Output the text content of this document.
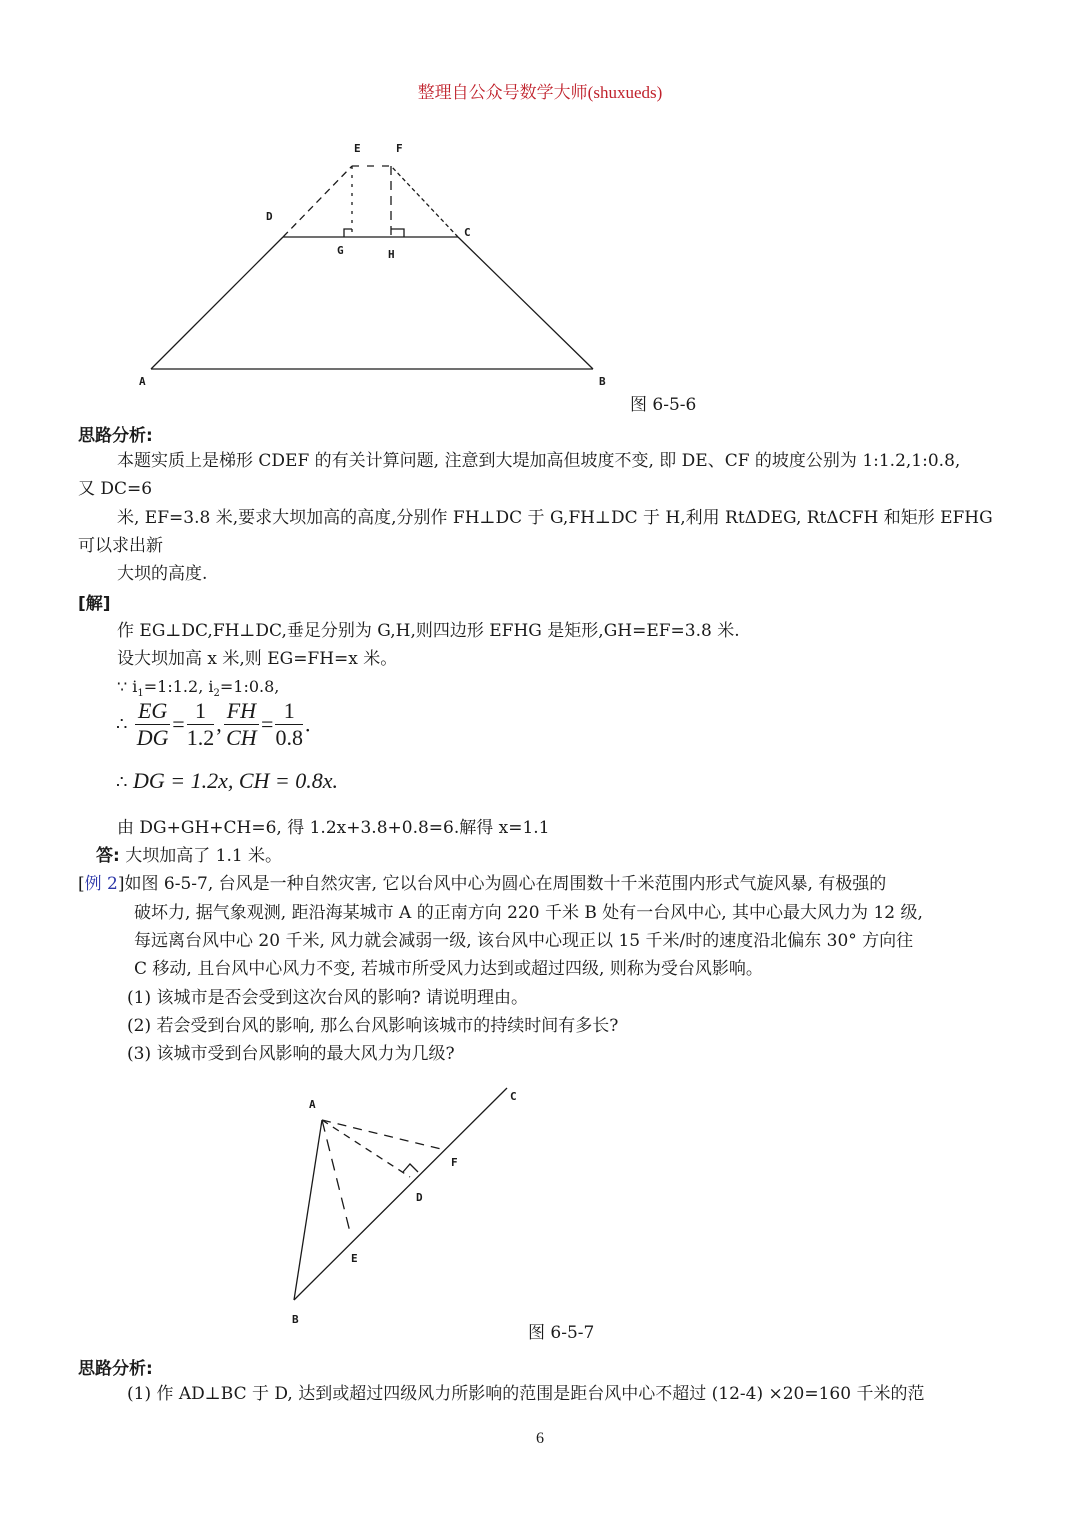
整理自公众号数学大师(shuxueds)
E	F
D
C
G	H
A	B
图 6-5-6
思路分析:
本题实质上是梯形 CDEF 的有关计算问题, 注意到大堤加高但坡度不变, 即 DE、CF 的坡度公别为 1:1.2,1:0.8,
又 DC=6
米, EF=3.8 米,要求大坝加高的高度,分别作 FH⊥DC 于 G,FH⊥DC 于 H,利用 RtΔDEG, RtΔCFH 和矩形 EFHG
可以求出新
大坝的高度.
[解]
作 EG⊥DC,FH⊥DC,垂足分别为 G,H,则四边形 EFHG 是矩形,GH=EF=3.8 米.
设大坝加高 x 米,则 EG=FH=x 米。
∵ $i_1=1:1.2$, $i_2=1:0.8$,
∴ $\frac{EG}{DG} = \frac{1}{1.2}$ , $\frac{FH}{CH} = \frac{1}{0.8}$ .
∴ DG = 1.2x, CH = 0.8x.
由 DG+GH+CH=6, 得 1.2x+3.8+0.8=6.解得 x=1.1
答: 大坝加高了 1.1 米。
[例 2]如图 6-5-7, 台风是一种自然灾害, 它以台风中心为圆心在周围数十千米范围内形式气旋风暴, 有极强的
破坏力, 据气象观测, 距沿海某城市 A 的正南方向 220 千米 B 处有一台风中心, 其中心最大风力为 12 级,
每远离台风中心 20 千米, 风力就会减弱一级, 该台风中心现正以 15 千米/时的速度沿北偏东 30° 方向往
C 移动, 且台风中心风力不变, 若城市所受风力达到或超过四级, 则称为受台风影响。
(1) 该城市是否会受到这次台风的影响? 请说明理由。
(2) 若会受到台风的影响, 那么台风影响该城市的持续时间有多长?
(3) 该城市受到台风影响的最大风力为几级?
A
C
F
D
E
B
图 6-5-7
思路分析:
(1) 作 AD⊥BC 于 D, 达到或超过四级风力所影响的范围是距台风中心不超过 (12-4) ×20=160 千米的范
6
